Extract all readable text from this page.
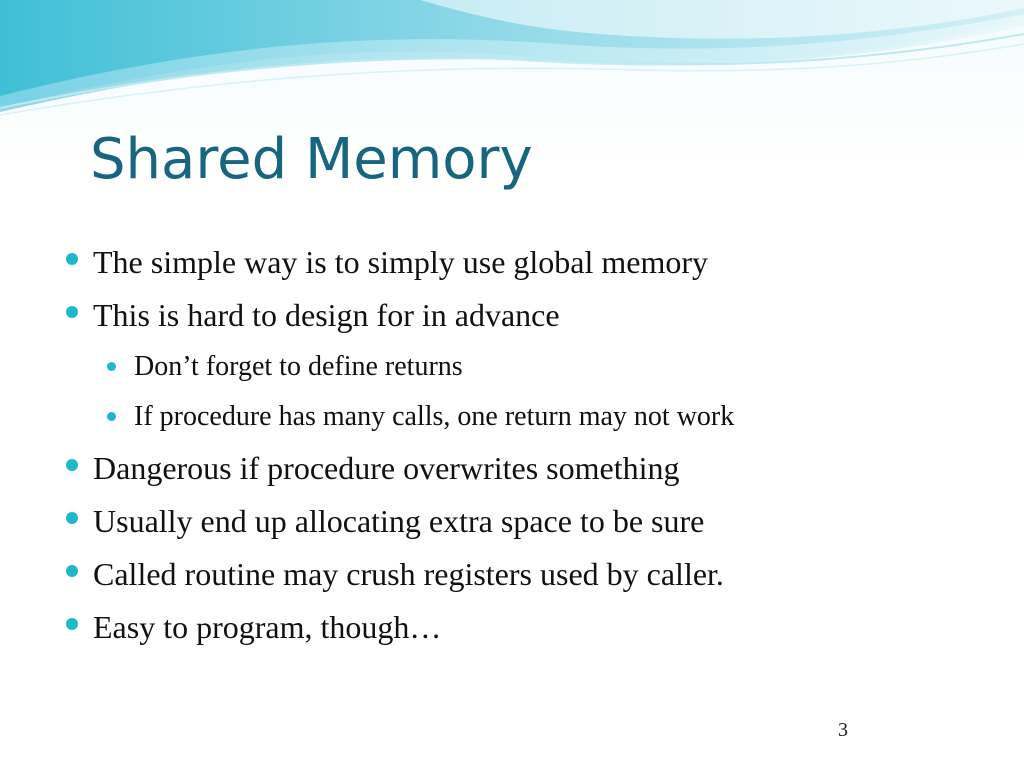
Shared Memory
The simple way is to simply use global memory
This is hard to design for in advance
Don’t forget to define returns
If procedure has many calls, one return may not work
Dangerous if procedure overwrites something
Usually end up allocating extra space to be sure
Called routine may crush registers used by caller.
Easy to program, though…
3
